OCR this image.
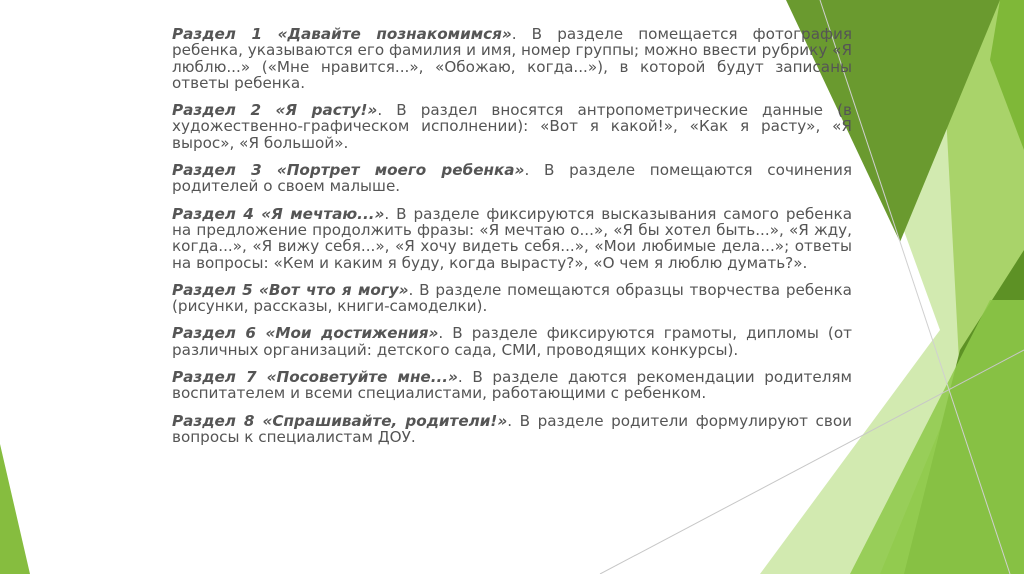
Раздел 1 «Давайте познакомимся». В разделе помещается фотография ребенка, указываются его фамилия и имя, номер группы; можно ввести рубрику «Я люблю...» («Мне нравится...», «Обожаю, когда...»), в которой будут записаны ответы ребенка.

Раздел 2 «Я расту!». В раздел вносятся антропометрические данные (в художественно-графическом исполнении): «Вот я какой!», «Как я расту», «Я вырос», «Я большой».

Раздел 3 «Портрет моего ребенка». В разделе помещаются сочинения родителей о своем малыше.

Раздел 4 «Я мечтаю...». В разделе фиксируются высказывания самого ребенка на предложение продолжить фразы: «Я мечтаю о...», «Я бы хотел быть...», «Я жду, когда...», «Я вижу себя...», «Я хочу видеть себя...», «Мои любимые дела...»; ответы на вопросы: «Кем и каким я буду, когда вырасту?», «О чем я люблю думать?».

Раздел 5 «Вот что я могу». В разделе помещаются образцы творчества ребенка (рисунки, рассказы, книги-самоделки).

Раздел 6 «Мои достижения». В разделе фиксируются грамоты, дипломы (от различных организаций: детского сада, СМИ, проводящих конкурсы).

Раздел 7 «Посоветуйте мне...». В разделе даются рекомендации родителям воспитателем и всеми специалистами, работающими с ребенком.

Раздел 8 «Спрашивайте, родители!». В разделе родители формулируют свои вопросы к специалистам ДОУ.
